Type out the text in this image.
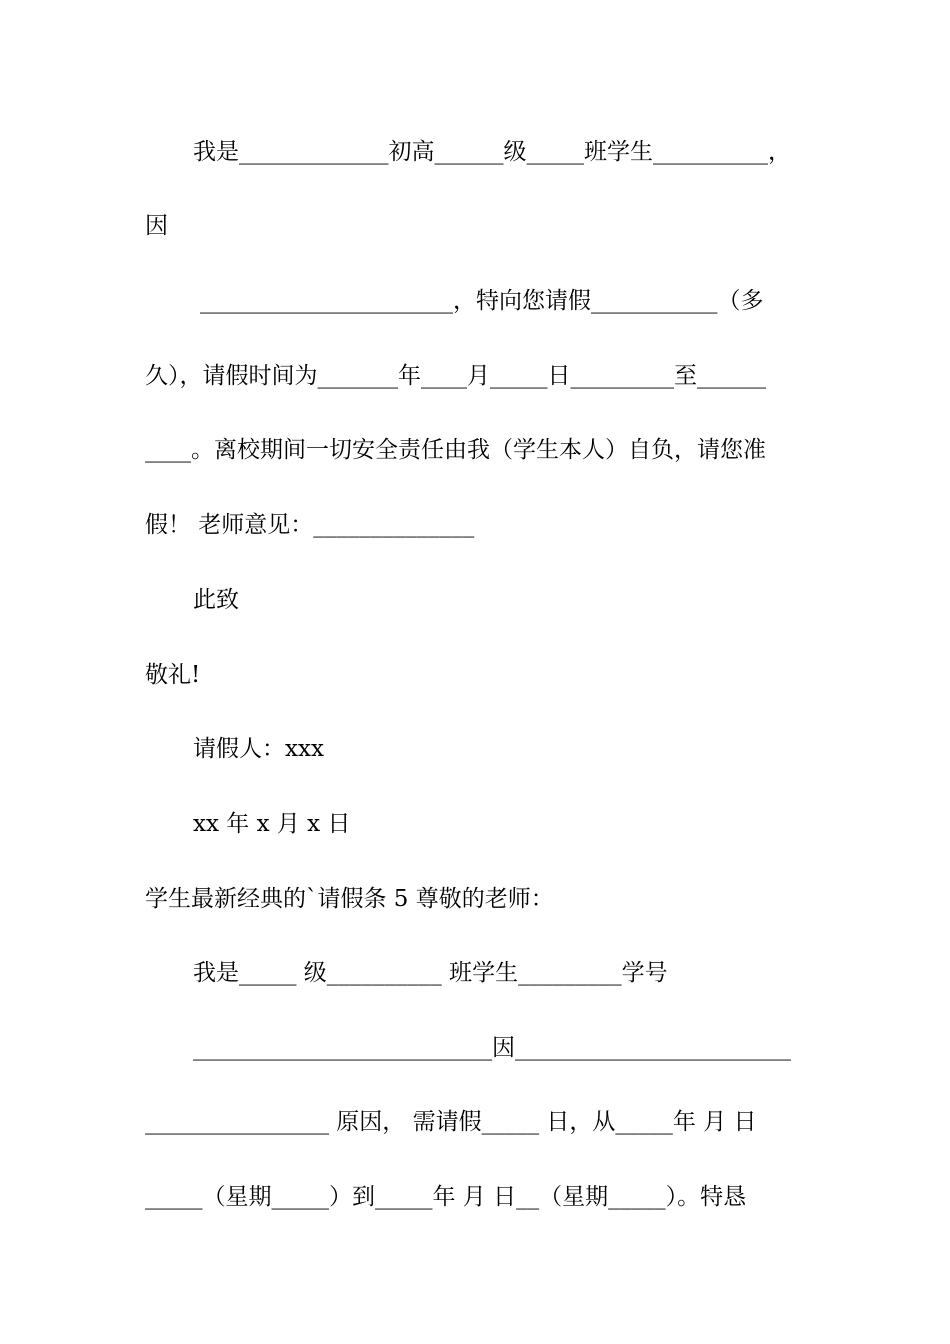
我是_____________初高______级_____班学生__________，
因
______________________，特向您请假___________（多
久），请假时间为_______年____月_____日_________至______
____。离校期间一切安全责任由我（学生本人）自负，请您准
假！ 老师意见：______________
此致
敬礼!
请假人：xxx
xx 年 x 月 x 日
学生最新经典的`请假条 5 尊敬的老师：
我是_____ 级__________ 班学生_________学号
__________________________因________________________
________________ 原因， 需请假_____ 日，从_____年 月 日
_____（星期_____）到_____年 月 日__（星期_____）。特恳
